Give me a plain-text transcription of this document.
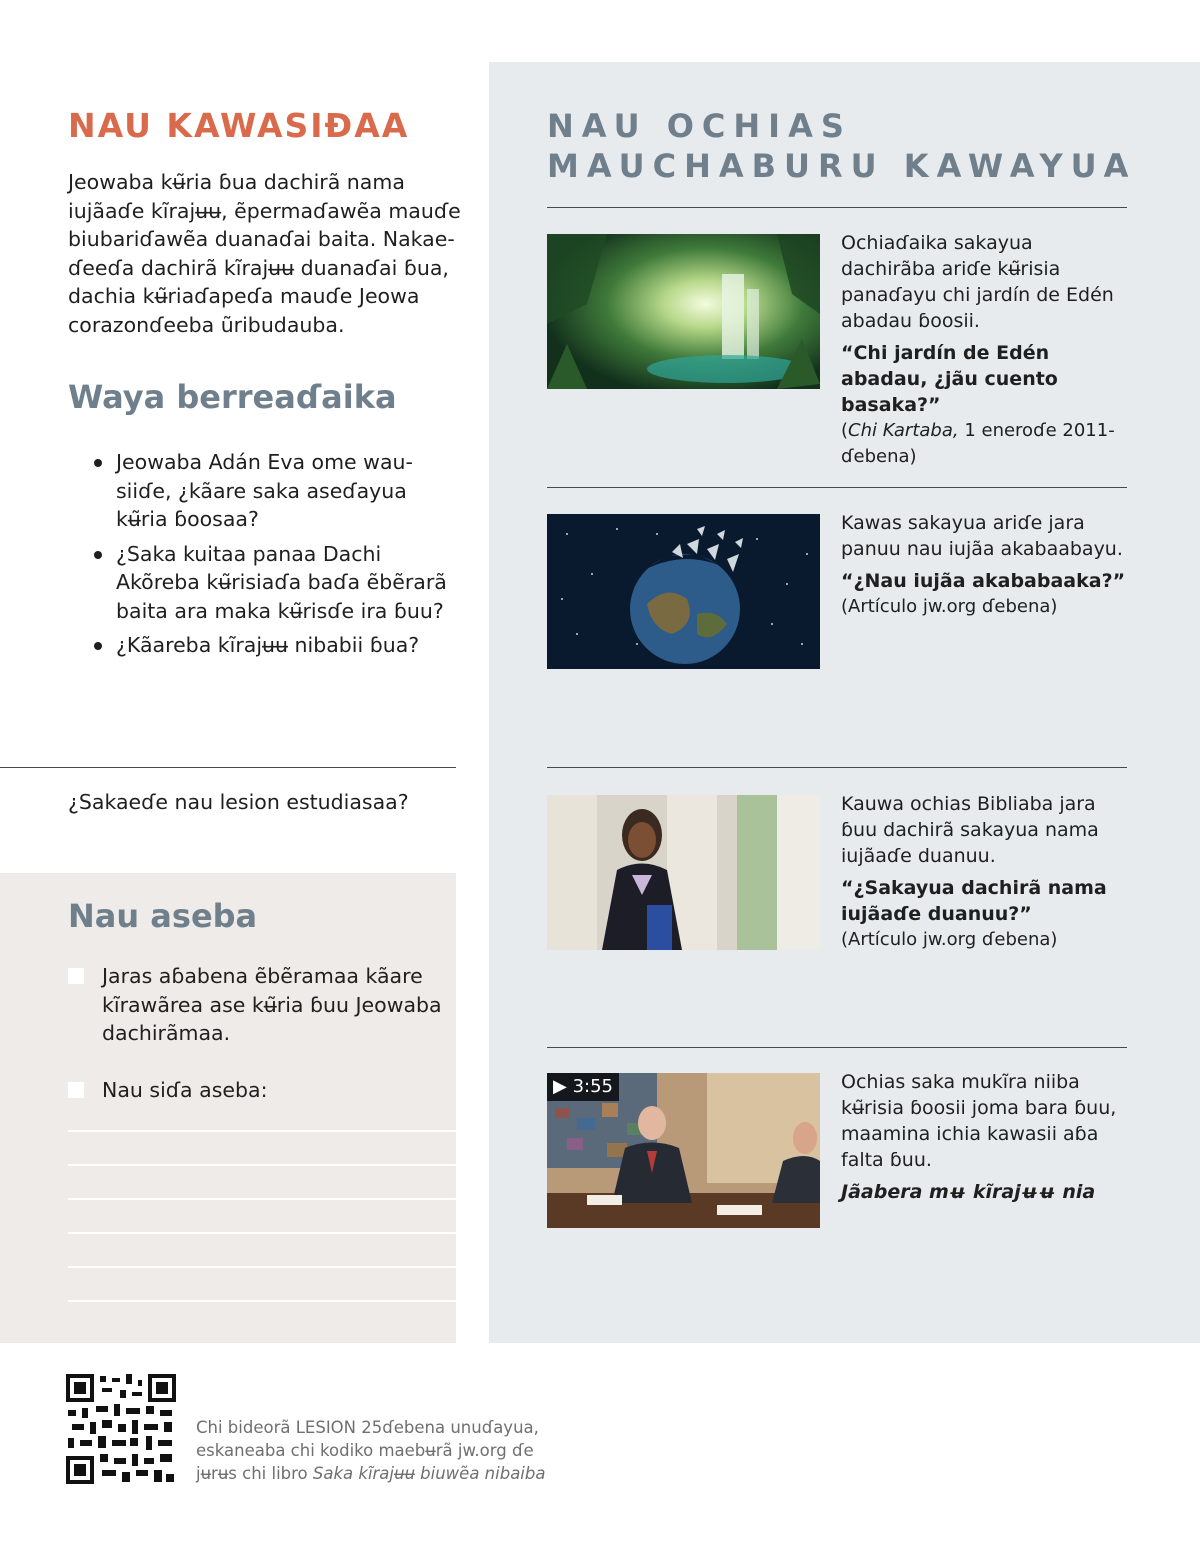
NAU KAWASIƉAA

Jeowaba kʉ̃ria ɓua dachirã nama iujãaɗe kĩrajʉʉ, ẽpermaɗawẽa mauɗe biubariɗawẽa duanaɗai baita. Nakaeɗeeɗa dachirã kĩrajʉʉ duanaɗai ɓua, dachia kʉ̃riaɗapeɗa mauɗe Jeowa corazonɗeeba ũribudauba.

Waya berreaɗaika
Jeowaba Adán Eva ome wausiiɗe, ¿kãare saka aseɗayua kʉ̃ria ɓoosaa?
¿Saka kuitaa panaa Dachi Akõreba kʉ̃risiaɗa baɗa ẽbẽrarã baita ara maka kʉ̃risɗe ira ɓuu?
¿Kãareba kĩrajʉʉ nibabii ɓua?

¿Sakaeɗe nau lesion estudiasaa?

Nau aseba
Jaras aɓabena ẽbẽramaa kãare kĩrawãrea ase kʉ̃ria ɓuu Jeowaba dachirãmaa.
Nau siɗa aseba:
NAU OCHIAS
MAUCHABURU KAWAYUA

Ochiaɗaika sakayua dachirãba ariɗe kʉ̃risia panaɗayu chi jardín de Edén abadau ɓoosii.

“Chi jardín de Edén abadau, ¿jãu cuento basaka?”

(Chi Kartaba, 1 eneroɗe 2011-ɗebena)

Kawas sakayua ariɗe jara panuu nau iujãa akabaabayu.

“¿Nau iujãa akababaaka?”

(Artículo jw.org ɗebena)

Kauwa ochias Bibliaba jara ɓuu dachirã sakayua nama iujãaɗe duanuu.

“¿Sakayua dachirã nama iujãaɗe duanuu?”

(Artículo jw.org ɗebena)

▶ 3:55	Ochias saka mukĩra niiba kʉ̃risia ɓoosii joma bara ɓuu, maamina ichia kawasii aɓa falta ɓuu.

Jãabera mʉ kĩrajʉʉ nia

Chi bideorã LESION 25ɗebena unuɗayua,
eskaneaba chi kodiko maebʉrã jw.org ɗe
jʉrʉs chi libro Saka kĩrajʉʉ biuwẽa nibaiba
